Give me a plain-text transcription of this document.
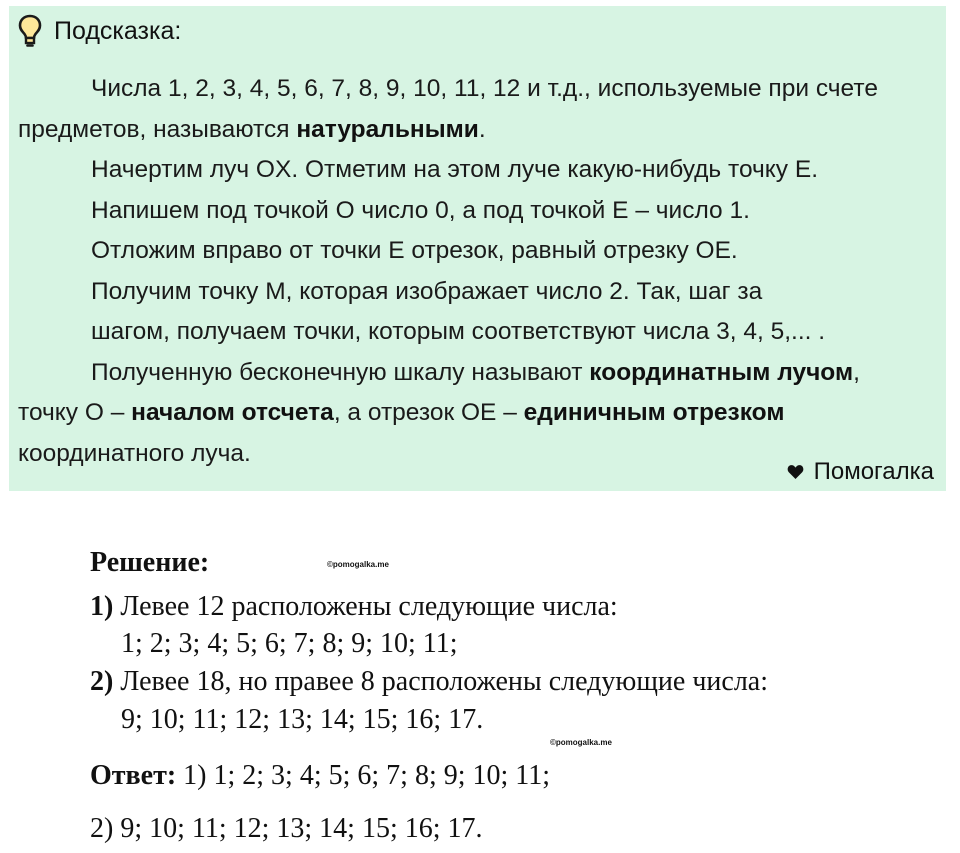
Подсказка:

Числа 1, 2, 3, 4, 5, 6, 7, 8, 9, 10, 11, 12 и т.д., используемые при счете предметов, называются натуральными.

Начертим луч OX. Отметим на этом луче какую-нибудь точку E.

Напишем под точкой O число 0, а под точкой E – число 1.

Отложим вправо от точки E отрезок, равный отрезку OE.

Получим точку M, которая изображает число 2. Так, шаг за

шагом, получаем точки, которым соответствуют числа 3, 4, 5,... .

Полученную бесконечную шкалу называют координатным лучом, точку O – началом отсчета, а отрезок OE – единичным отрезком координатного луча.

Помогалка
Решение:	©pomogalka.me
1) Левее 12 расположены следующие числа:
1; 2; 3; 4; 5; 6; 7; 8; 9; 10; 11;
2) Левее 18, но правее 8 расположены следующие числа:
9; 10; 11; 12; 13; 14; 15; 16; 17.
©pomogalka.me
Ответ: 1) 1; 2; 3; 4; 5; 6; 7; 8; 9; 10; 11;
2) 9; 10; 11; 12; 13; 14; 15; 16; 17.
